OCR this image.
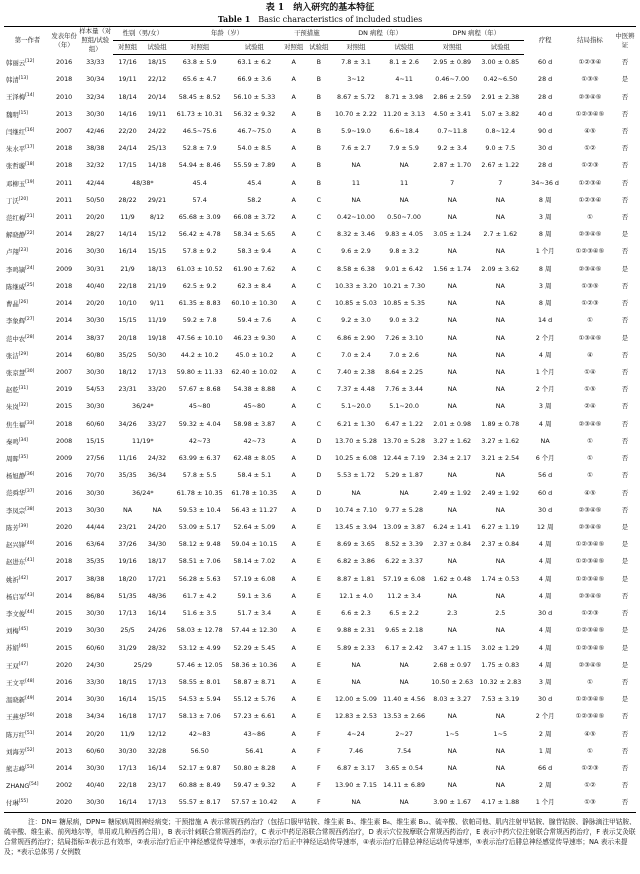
表 1　纳入研究的基本特征
Table 1 Basic characteristics of included studies
第一作者	发表年份（年）	样本量（对照组/试验组）	性别（男/女）		年龄（岁）		干预措施		DN 病程（年）		DPN 病程（年）		疗程	结局指标	中医辨证
			对照组	试验组	对照组	试验组	对照组	试验组	对照组	试验组	对照组	试验组			
韩丽云[12]	2016	33/33	17/16	18/15	63.8 ± 5.9	63.1 ± 6.2	A	B	7.8 ± 3.1	8.1 ± 2.6	2.95 ± 0.89	3.00 ± 0.85	60 d	①②③④	否
韩清[13]	2018	30/34	19/11	22/12	65.6 ± 4.7	66.9 ± 3.6	A	B	3~12	4~11	0.46~7.00	0.42~6.50	28 d	①③⑤	是
王泽梅[14]	2010	32/34	18/14	20/14	58.45 ± 8.52	56.10 ± 5.33	A	B	8.67 ± 5.72	8.71 ± 3.98	2.86 ± 2.59	2.91 ± 2.38	28 d	②③④⑤	否
魏明[15]	2013	30/30	14/16	19/11	61.73 ± 10.31	56.32 ± 9.32	A	B	10.70 ± 2.22	11.20 ± 3.13	4.50 ± 3.41	5.07 ± 3.82	40 d	①②③④⑤	否
闫继红[16]	2007	42/46	22/20	24/22	46.5~75.6	46.7~75.0	A	B	5.9~19.0	6.6~18.4	0.7~11.8	0.8~12.4	90 d	④⑤	否
朱水平[17]	2018	38/38	24/14	25/13	52.8 ± 7.9	54.0 ± 8.5	A	B	7.6 ± 2.7	7.9 ± 5.9	9.2 ± 3.4	9.0 ± 7.5	30 d	①②	否
张哲璇[18]	2018	32/32	17/15	14/18	54.94 ± 8.46	55.59 ± 7.89	A	B	NA	NA	2.87 ± 1.70	2.67 ± 1.22	28 d	①②③	否
邓柳玉[19]	2011	42/44	48/38*		45.4	45.4	A	B	11	11	7	7	34~36 d	①②③④	否
丁沃[20]	2011	50/50	28/22	29/21	57.4	58.2	A	C	NA	NA	NA	NA	8 周	①②③④	否
范红梅[21]	2011	20/20	11/9	8/12	65.68 ± 3.09	66.08 ± 3.72	A	C	0.42~10.00	0.50~7.00	NA	NA	3 周	①	否
解晓静[22]	2014	28/27	14/14	15/12	56.42 ± 4.78	58.34 ± 5.65	A	C	8.32 ± 3.46	9.83 ± 4.05	3.05 ± 1.24	2.7 ± 1.62	8 周	②③④⑤	是
卢翔[23]	2016	30/30	16/14	15/15	57.8 ± 9.2	58.3 ± 9.4	A	C	9.6 ± 2.9	9.8 ± 3.2	NA	NA	1 个月	①②③④⑤	否
李鸣镝[24]	2009	30/31	21/9	18/13	61.03 ± 10.52	61.90 ± 7.62	A	C	8.58 ± 6.38	9.01 ± 6.42	1.56 ± 1.74	2.09 ± 3.62	8 周	②③④⑤	是
陈继威[25]	2018	40/40	22/18	21/19	62.5 ± 9.2	62.3 ± 8.4	A	C	10.33 ± 3.20	10.21 ± 7.30	NA	NA	3 周	①③⑤	否
曹晶[26]	2014	20/20	10/10	9/11	61.35 ± 8.83	60.10 ± 10.30	A	C	10.85 ± 5.03	10.85 ± 5.35	NA	NA	8 周	①②③	否
李象辉[27]	2014	30/30	15/15	11/19	59.2 ± 7.8	59.4 ± 7.6	A	C	9.2 ± 3.0	9.0 ± 3.2	NA	NA	14 d	①	否
范中农[28]	2014	38/37	20/18	19/18	47.56 ± 10.10	46.23 ± 9.30	A	C	6.86 ± 2.90	7.26 ± 3.10	NA	NA	2 个月	①③④⑤	是
张洁[29]	2014	60/80	35/25	50/30	44.2 ± 10.2	45.0 ± 10.2	A	C	7.0 ± 2.4	7.0 ± 2.6	NA	NA	4 周	④	否
张京慧[30]	2007	30/30	18/12	17/13	59.80 ± 11.33	62.40 ± 10.02	A	C	7.40 ± 2.38	8.64 ± 2.25	NA	NA	1 个月	①④	否
赵乾[31]	2019	54/53	23/31	33/20	57.67 ± 8.68	54.38 ± 8.88	A	C	7.37 ± 4.48	7.76 ± 3.44	NA	NA	2 个月	①⑤	否
朱岚[32]	2015	30/30	36/24*		45~80	45~80	A	C	5.1~20.0	5.1~20.0	NA	NA	3 周	②④	否
焦生福[33]	2018	60/60	34/26	33/27	59.32 ± 4.04	58.98 ± 3.87	A	C	6.21 ± 1.30	6.47 ± 1.22	2.01 ± 0.98	1.89 ± 0.78	4 周	②③④⑤	否
秦鸣[34]	2008	15/15	11/19*		42~73	42~73	A	D	13.70 ± 5.28	13.70 ± 5.28	3.27 ± 1.62	3.27 ± 1.62	NA	①	否
周晖[35]	2009	27/56	11/16	24/32	63.99 ± 6.37	62.48 ± 8.05	A	D	10.25 ± 6.08	12.44 ± 7.19	2.34 ± 2.17	3.21 ± 2.54	6 个月	①	否
杨旭静[36]	2016	70/70	35/35	36/34	57.8 ± 5.5	58.4 ± 5.1	A	D	5.53 ± 1.72	5.29 ± 1.87	NA	NA	56 d	①	否
范舜华[37]	2016	30/30	36/24*		61.78 ± 10.35	61.78 ± 10.35	A	D	NA	NA	2.49 ± 1.92	2.49 ± 1.92	60 d	④⑤	否
李凤宗[38]	2013	30/30	NA	NA	59.53 ± 10.4	56.43 ± 11.27	A	D	10.74 ± 7.10	9.77 ± 5.28	NA	NA	30 d	②③④⑤	否
陈芳[39]	2020	44/44	23/21	24/20	53.09 ± 5.17	52.64 ± 5.09	A	E	13.45 ± 3.94	13.09 ± 3.87	6.24 ± 1.41	6.27 ± 1.19	12 周	②③④⑤	是
赵兴锋[40]	2016	63/64	37/26	34/30	58.12 ± 9.48	59.04 ± 10.15	A	E	8.69 ± 3.65	8.52 ± 3.39	2.37 ± 0.84	2.37 ± 0.84	4 周	①②③④⑤	是
赵进东[41]	2018	35/35	19/16	18/17	58.51 ± 7.06	58.14 ± 7.02	A	E	6.82 ± 3.86	6.22 ± 3.37	NA	NA	4 周	①②③④⑤	是
姚祈[42]	2017	38/38	18/20	17/21	56.28 ± 5.63	57.19 ± 6.08	A	E	8.87 ± 1.81	57.19 ± 6.08	1.62 ± 0.48	1.74 ± 0.53	4 周	①②③④⑤	是
杨启军[43]	2014	86/84	51/35	48/36	61.7 ± 4.2	59.1 ± 3.6	A	E	12.1 ± 4.0	11.2 ± 3.4	NA	NA	4 周	②③④⑤	否
李文俊[44]	2015	30/30	17/13	16/14	51.6 ± 3.5	51.7 ± 3.4	A	E	6.6 ± 2.3	6.5 ± 2.2	2.3	2.5	30 d	①②③	否
刘梅[45]	2019	30/30	25/5	24/26	58.03 ± 12.78	57.44 ± 12.30	A	E	9.88 ± 2.31	9.65 ± 2.18	NA	NA	4 周	①②③④⑤	是
苏娟[46]	2015	60/60	31/29	28/32	53.12 ± 4.99	52.29 ± 5.45	A	E	5.89 ± 2.33	6.17 ± 2.42	3.47 ± 1.15	3.02 ± 1.29	4 周	①②③④⑤	是
王双[47]	2020	24/30	25/29		57.46 ± 12.05	58.36 ± 10.36	A	E	NA	NA	2.68 ± 0.97	1.75 ± 0.83	4 周	②③④⑤	是
王文平[48]	2016	33/30	18/15	17/13	58.55 ± 8.01	58.87 ± 8.71	A	E	NA	NA	10.50 ± 2.63	10.32 ± 2.83	3 周	①	否
温晓新[49]	2014	30/30	16/14	15/15	54.53 ± 5.94	55.12 ± 5.76	A	E	12.00 ± 5.09	11.40 ± 4.56	8.03 ± 3.27	7.53 ± 3.19	30 d	①②③④⑤	是
王燕华[50]	2018	34/34	16/18	17/17	58.13 ± 7.06	57.23 ± 6.61	A	E	12.83 ± 2.53	13.53 ± 2.66	NA	NA	2 个月	①②③④⑤	否
陈万红[51]	2014	20/20	11/9	12/12	42~83	43~86	A	F	4~24	2~27	1~5	1~5	2 周	④⑤	否
刘海芳[52]	2013	60/60	30/30	32/28	56.50	56.41	A	F	7.46	7.54	NA	NA	1 周	①	否
熊志峰[53]	2014	30/30	17/13	16/14	52.17 ± 9.87	50.80 ± 8.28	A	F	6.87 ± 3.17	3.65 ± 0.54	NA	NA	66 d	①②③	否
ZHANG[54]	2002	40/40	22/18	23/17	60.88 ± 8.49	59.47 ± 9.32	A	F	13.90 ± 7.15	14.11 ± 6.89	NA	NA	2 周	①②	否
付琳[55]	2020	30/30	16/14	17/13	55.57 ± 8.17	57.57 ± 10.42	A	F	NA	NA	3.90 ± 1.67	4.17 ± 1.88	1 个月	①③	否
注：DN= 糖尿病，DPN= 糖尿病周围神经病变；干预措施 A 表示常规西药治疗（包括口服甲钴胺、维生素 B₁、维生素 B₆、维生素 B₁₂、硫辛酸、依帕司他、肌内注射甲钴胺、腺苷钴胺、静脉滴注甲钴胺、硫辛酸、维生素、前列地尔等，单用或几种西药合用），B 表示针刺联合常规西药治疗，C 表示中药足浴联合常规西药治疗，D 表示穴位按摩联合常规西药治疗，E 表示中药穴位注射联合常规西药治疗，F 表示艾灸联合常规西药治疗；结局指标①表示总有效率，②表示治疗后正中神经感觉传导速率，③表示治疗后正中神经运动传导速率，④表示治疗后腓总神经运动传导速率，⑤表示治疗后腓总神经感觉传导速率；NA 表示未提及；*表示总体男 / 女例数
